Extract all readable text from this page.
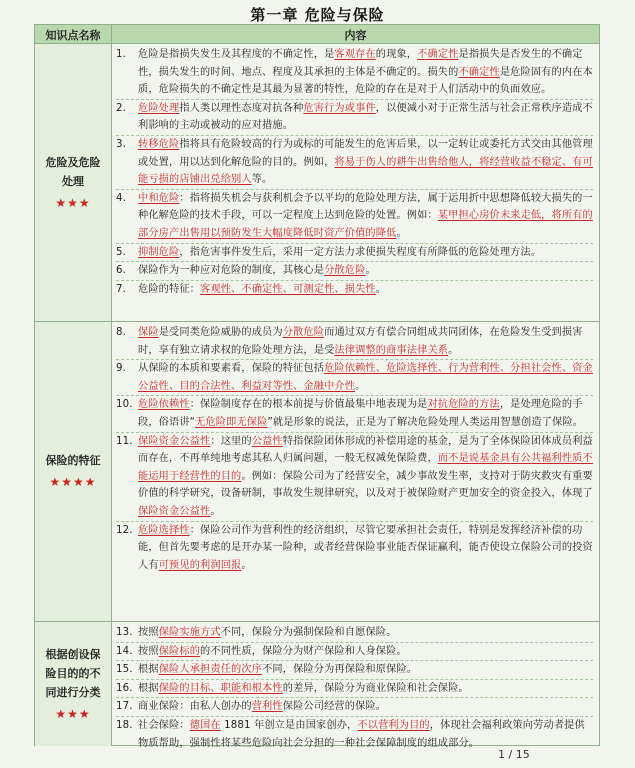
第一章 危险与保险
知识点名称	内容
危险及危险处理
★★★
1.	危险是指损失发生及其程度的不确定性，是客观存在的现象，不确定性是指损失是否发生的不确定性，损失发生的时间、地点、程度及其承担的主体是不确定的。损失的不确定性是危险固有的内在本质，危险损失的不确定性是其最为显著的特性，危险的存在是对于人们活动中的负面效应。
2.	危险处理指人类以理性态度对抗各种危害行为或事件，以便减小对于正常生活与社会正常秩序造成不利影响的主动或被动的应对措施。
3.	转移危险指将具有危险较高的行为或标的可能发生的危害后果，以一定转让或委托方式交由其他管理或处置，用以达到化解危险的目的。例如，将易于伤人的耕牛出售给他人，将经营收益不稳定、有可能亏损的店铺出兑给别人等。
4.	中和危险：指将损失机会与获利机会予以平均的危险处理方法，属于运用折中思想降低较大损失的一种化解危险的技术手段，可以一定程度上达到危险的处置。例如：某甲担心房价未来走低，将所有的部分房产出售用以预防发生大幅度降低时资产价值的降低。
5.	抑制危险，指危害事件发生后，采用一定方法力求使损失程度有所降低的危险处理方法。
6.	保险作为一种应对危险的制度，其核心是分散危险。
7.	危险的特征：客观性、不确定性、可测定性、损失性。
保险的特征
★★★★
8.	保险是受同类危险威胁的成员为分散危险而通过双方有偿合同组成共同团体，在危险发生受到损害时，享有独立请求权的危险处理方法，是受法律调整的商事法律关系。
9.	从保险的本质和要素看，保险的特征包括危险依赖性、危险选择性、行为营利性、分担社会性、资金公益性、目的合法性、利益对等性、金融中介性。
10. 危险依赖性：保险制度存在的根本前提与价值最集中地表现为是对抗危险的方法，是处理危险的手段，俗语讲“无危险即无保险”就是形象的说法，正是为了解决危险处理人类运用智慧创造了保险。
11. 保险资金公益性：这里的公益性特指保险团体形成的补偿用途的基金，是为了全体保险团体成员利益而存在，不再单纯地考虑其私人归属问题，一般无权减免保险费，而不是说基金具有公共福利性质不能运用于经营性的目的。例如：保险公司为了经营安全，减少事故发生率，支持对于防灾救灾有重要价值的科学研究，设备研制，事故发生规律研究，以及对于被保险财产更加安全的资金投入，体现了保险资金公益性。
12. 危险选择性：保险公司作为营利性的经济组织，尽管它要承担社会责任，特别是发挥经济补偿的功能，但首先要考虑的是开办某一险种，或者经营保险事业能否保证赢利，能否使设立保险公司的投资人有可预见的利润回报。
根据创设保险目的的不同进行分类
★★★
13. 按照保险实施方式不同，保险分为强制保险和自愿保险。
14. 按照保险标的的不同性质，保险分为财产保险和人身保险。
15. 根据保险人承担责任的次序不同，保险分为再保险和原保险。
16. 根据保险的目标、职能和根本性的差异，保险分为商业保险和社会保险。
17. 商业保险：由私人创办的营利性保险公司经营的保险。
18. 社会保险：德国在 1881 年创立是由国家创办，不以营利为目的，体现社会福利政策向劳动者提供物质帮助，强制性将某些危险向社会分担的一种社会保障制度的组成部分。
1 / 15
